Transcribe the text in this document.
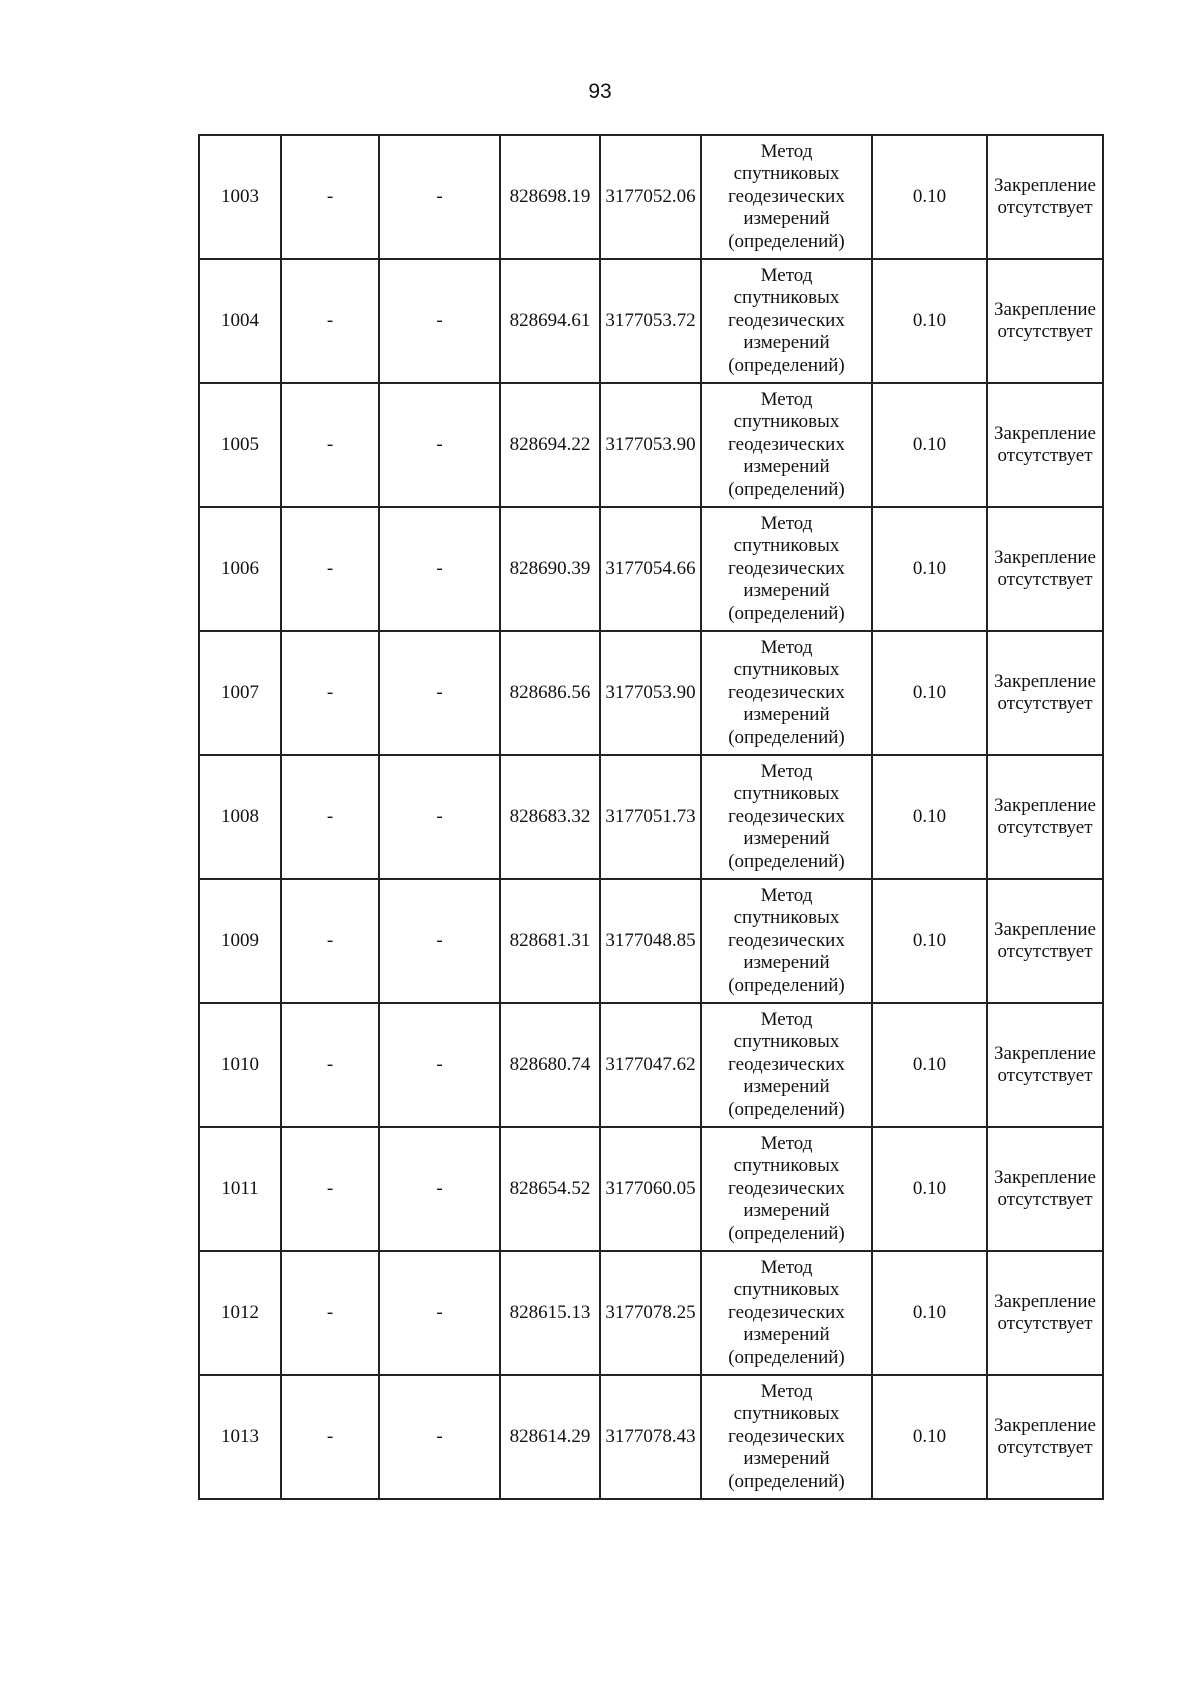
93
1003	-	-	828698.19	3177052.06	Метод
спутниковых
геодезических
измерений
(определений)	0.10	Закрепление
отсутствует
1004	-	-	828694.61	3177053.72	Метод
спутниковых
геодезических
измерений
(определений)	0.10	Закрепление
отсутствует
1005	-	-	828694.22	3177053.90	Метод
спутниковых
геодезических
измерений
(определений)	0.10	Закрепление
отсутствует
1006	-	-	828690.39	3177054.66	Метод
спутниковых
геодезических
измерений
(определений)	0.10	Закрепление
отсутствует
1007	-	-	828686.56	3177053.90	Метод
спутниковых
геодезических
измерений
(определений)	0.10	Закрепление
отсутствует
1008	-	-	828683.32	3177051.73	Метод
спутниковых
геодезических
измерений
(определений)	0.10	Закрепление
отсутствует
1009	-	-	828681.31	3177048.85	Метод
спутниковых
геодезических
измерений
(определений)	0.10	Закрепление
отсутствует
1010	-	-	828680.74	3177047.62	Метод
спутниковых
геодезических
измерений
(определений)	0.10	Закрепление
отсутствует
1011	-	-	828654.52	3177060.05	Метод
спутниковых
геодезических
измерений
(определений)	0.10	Закрепление
отсутствует
1012	-	-	828615.13	3177078.25	Метод
спутниковых
геодезических
измерений
(определений)	0.10	Закрепление
отсутствует
1013	-	-	828614.29	3177078.43	Метод
спутниковых
геодезических
измерений
(определений)	0.10	Закрепление
отсутствует
